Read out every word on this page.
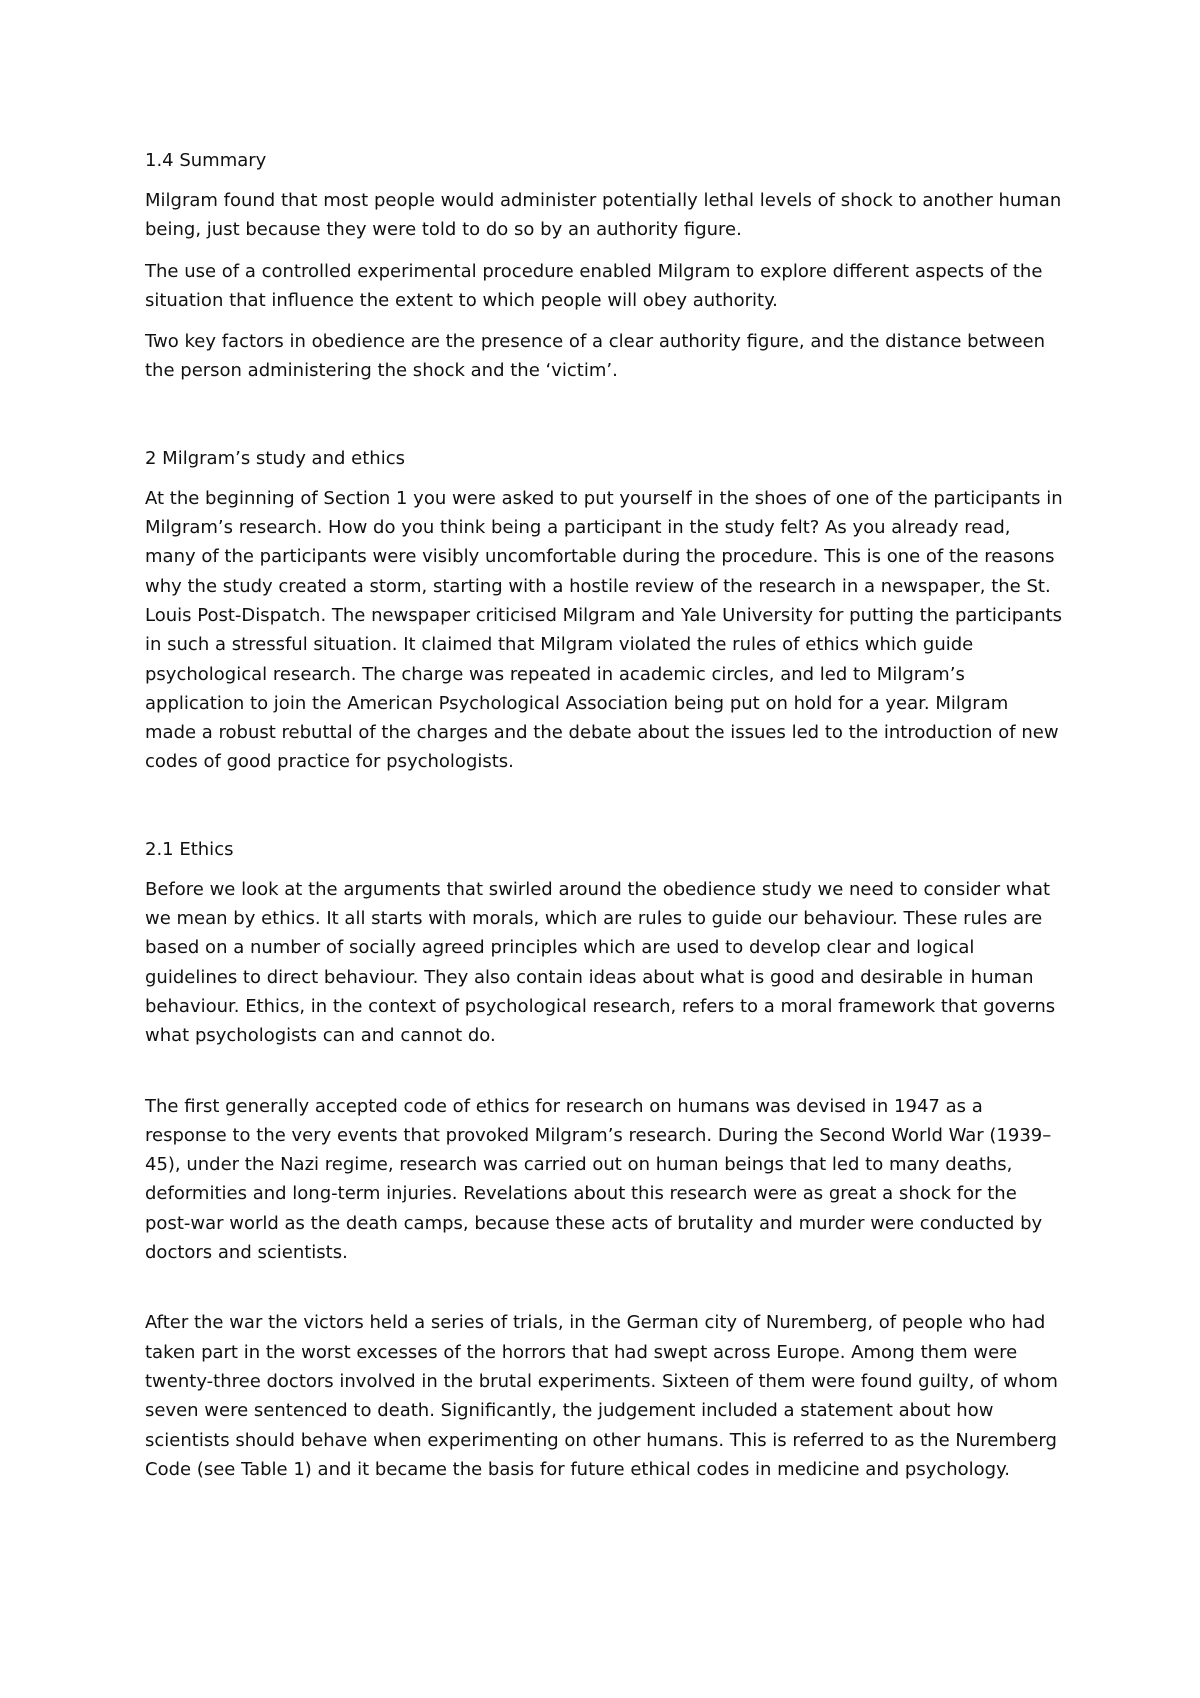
1.4 Summary

Milgram found that most people would administer potentially lethal levels of shock to another human being, just because they were told to do so by an authority figure.

The use of a controlled experimental procedure enabled Milgram to explore different aspects of the situation that influence the extent to which people will obey authority.

Two key factors in obedience are the presence of a clear authority figure, and the distance between the person administering the shock and the ‘victim’.

2 Milgram’s study and ethics

At the beginning of Section 1 you were asked to put yourself in the shoes of one of the participants in Milgram’s research. How do you think being a participant in the study felt? As you already read, many of the participants were visibly uncomfortable during the procedure. This is one of the reasons why the study created a storm, starting with a hostile review of the research in a newspaper, the St. Louis Post-Dispatch. The newspaper criticised Milgram and Yale University for putting the participants in such a stressful situation. It claimed that Milgram violated the rules of ethics which guide psychological research. The charge was repeated in academic circles, and led to Milgram’s application to join the American Psychological Association being put on hold for a year. Milgram made a robust rebuttal of the charges and the debate about the issues led to the introduction of new codes of good practice for psychologists.

2.1 Ethics

Before we look at the arguments that swirled around the obedience study we need to consider what we mean by ethics. It all starts with morals, which are rules to guide our behaviour. These rules are based on a number of socially agreed principles which are used to develop clear and logical guidelines to direct behaviour. They also contain ideas about what is good and desirable in human behaviour. Ethics, in the context of psychological research, refers to a moral framework that governs what psychologists can and cannot do.

The first generally accepted code of ethics for research on humans was devised in 1947 as a response to the very events that provoked Milgram’s research. During the Second World War (1939–45), under the Nazi regime, research was carried out on human beings that led to many deaths, deformities and long-term injuries. Revelations about this research were as great a shock for the post-war world as the death camps, because these acts of brutality and murder were conducted by doctors and scientists.

After the war the victors held a series of trials, in the German city of Nuremberg, of people who had taken part in the worst excesses of the horrors that had swept across Europe. Among them were twenty-three doctors involved in the brutal experiments. Sixteen of them were found guilty, of whom seven were sentenced to death. Significantly, the judgement included a statement about how scientists should behave when experimenting on other humans. This is referred to as the Nuremberg Code (see Table 1) and it became the basis for future ethical codes in medicine and psychology.
